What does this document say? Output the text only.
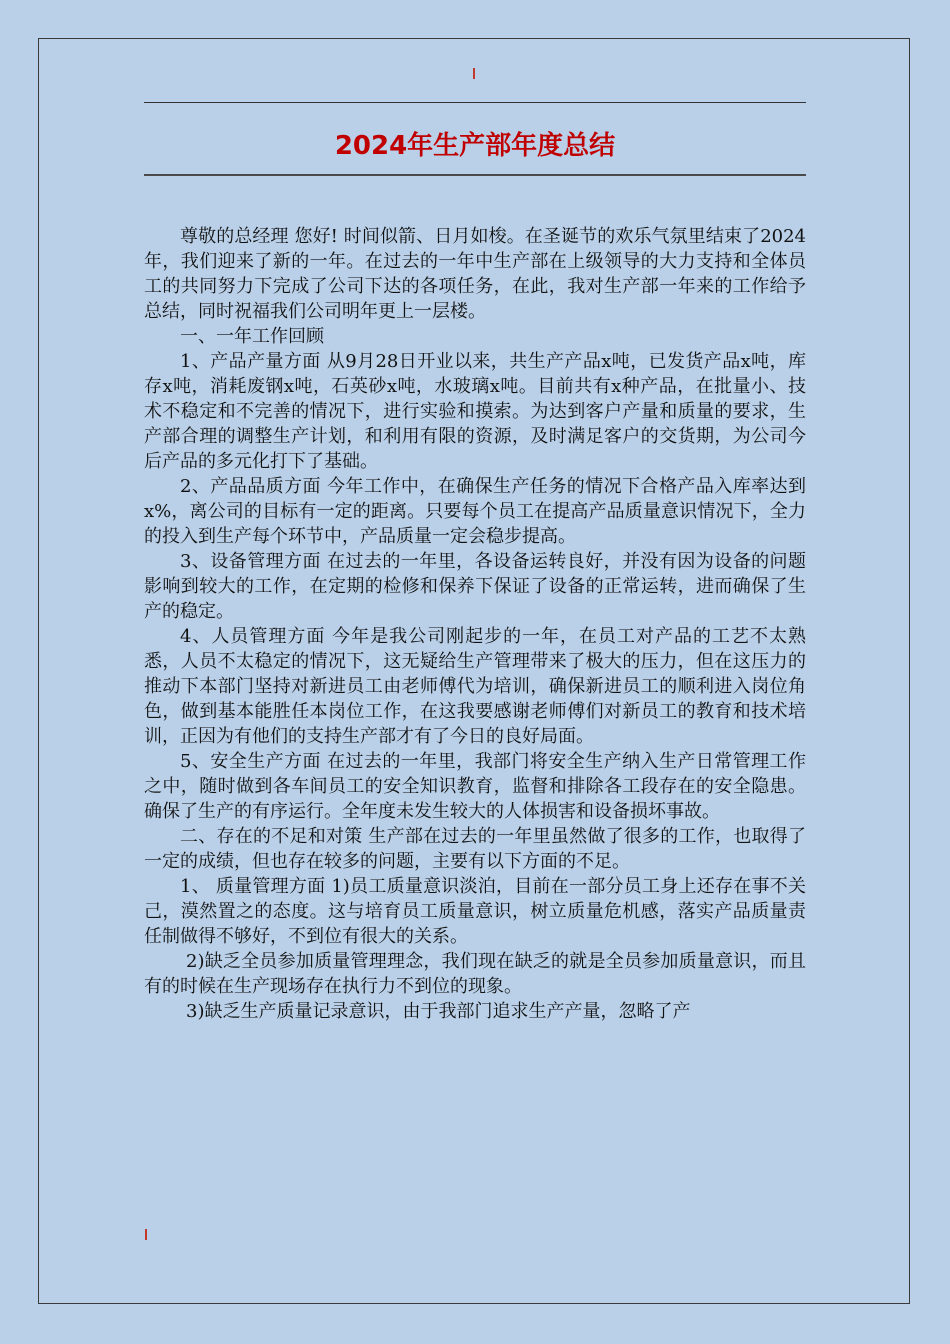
2024年生产部年度总结

尊敬的总经理 您好! 时间似箭、日月如梭。在圣诞节的欢乐气氛里结束了2024年，我们迎来了新的一年。在过去的一年中生产部在上级领导的大力支持和全体员工的共同努力下完成了公司下达的各项任务，在此，我对生产部一年来的工作给予总结，同时祝福我们公司明年更上一层楼。

一、一年工作回顾

1、产品产量方面 从9月28日开业以来，共生产产品x吨，已发货产品x吨，库存x吨，消耗废钢x吨，石英砂x吨，水玻璃x吨。目前共有x种产品，在批量小、技术不稳定和不完善的情况下，进行实验和摸索。为达到客户产量和质量的要求，生产部合理的调整生产计划，和利用有限的资源，及时满足客户的交货期，为公司今后产品的多元化打下了基础。

2、产品品质方面 今年工作中，在确保生产任务的情况下合格产品入库率达到x%，离公司的目标有一定的距离。只要每个员工在提高产品质量意识情况下，全力的投入到生产每个环节中，产品质量一定会稳步提高。

3、设备管理方面 在过去的一年里，各设备运转良好，并没有因为设备的问题影响到较大的工作，在定期的检修和保养下保证了设备的正常运转，进而确保了生产的稳定。

4、人员管理方面 今年是我公司刚起步的一年，在员工对产品的工艺不太熟悉，人员不太稳定的情况下，这无疑给生产管理带来了极大的压力，但在这压力的推动下本部门坚持对新进员工由老师傅代为培训，确保新进员工的顺利进入岗位角色，做到基本能胜任本岗位工作，在这我要感谢老师傅们对新员工的教育和技术培训，正因为有他们的支持生产部才有了今日的良好局面。

5、安全生产方面 在过去的一年里，我部门将安全生产纳入生产日常管理工作之中，随时做到各车间员工的安全知识教育，监督和排除各工段存在的安全隐患。确保了生产的有序运行。全年度未发生较大的人体损害和设备损坏事故。

二、存在的不足和对策 生产部在过去的一年里虽然做了很多的工作，也取得了一定的成绩，但也存在较多的问题，主要有以下方面的不足。

1、 质量管理方面 1)员工质量意识淡泊，目前在一部分员工身上还存在事不关己，漠然置之的态度。这与培育员工质量意识，树立质量危机感，落实产品质量责任制做得不够好，不到位有很大的关系。

2)缺乏全员参加质量管理理念，我们现在缺乏的就是全员参加质量意识，而且有的时候在生产现场存在执行力不到位的现象。

3)缺乏生产质量记录意识，由于我部门追求生产产量，忽略了产
